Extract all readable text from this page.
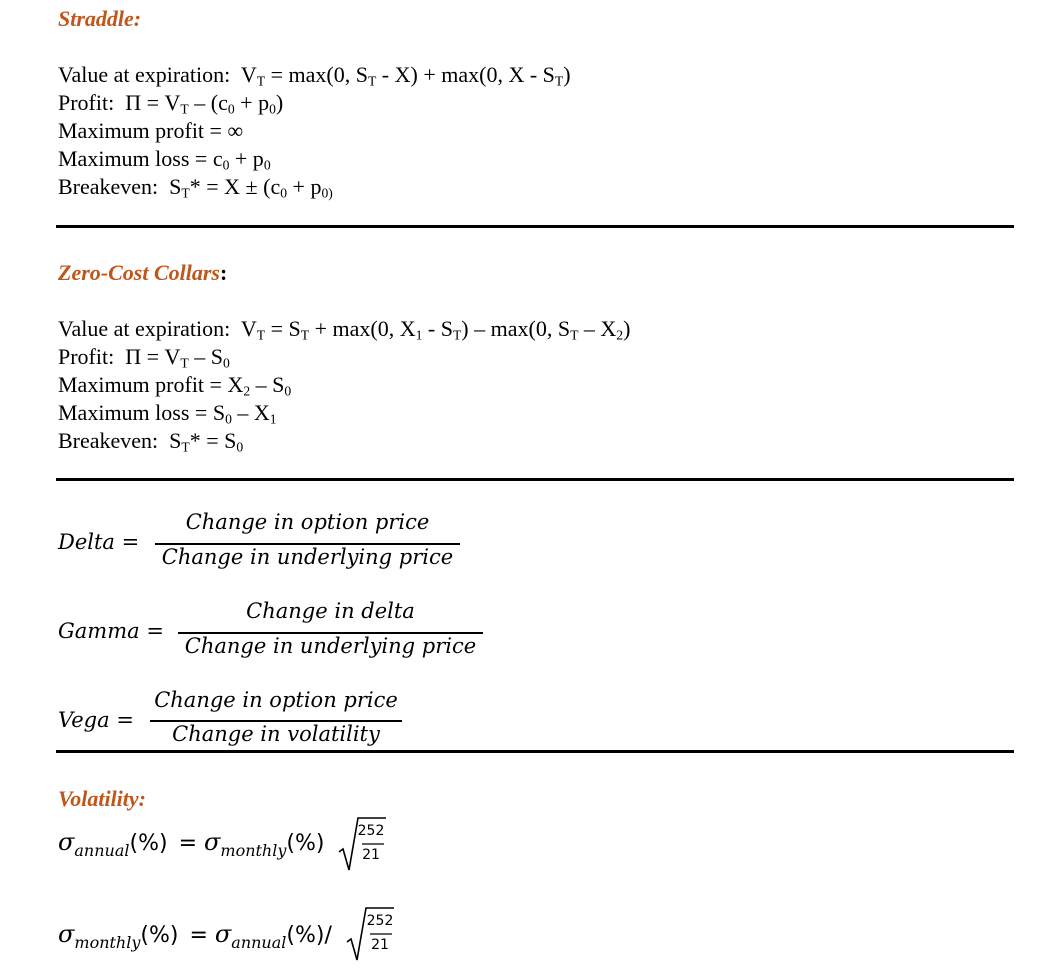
Straddle:
Value at expiration:  $V_T = \max(0$, $S_T - X) + \max(0$, X - $S_T$)
Profit:  $\Pi = V_T - (c_0 + p_0)$
Maximum profit = ∞
Maximum loss = $c_0 + p_0$
Breakeven:  $S_T* = X \pm (c_0 + p_{0)}$
Zero-Cost Collars:
Value at expiration:  $V_T = S_T + \max(0$, $X_1 - S_T) - \max(0$, $S_T - X_2$)
Profit:  $\Pi = V_T - S_0$
Maximum profit = $X_2 - S_0$
Maximum loss = $S_0 - X_1$
Breakeven:  $S_T* = S_0$
Delta =
Change in option price
Change in underlying price
Gamma =
Change in delta
Change in underlying price
Vega =
Change in option price
Change in volatility
Volatility:
σannual(%)  = σmonthly(%) 252
21
σmonthly(%)  = σannual(%)/
252
21
